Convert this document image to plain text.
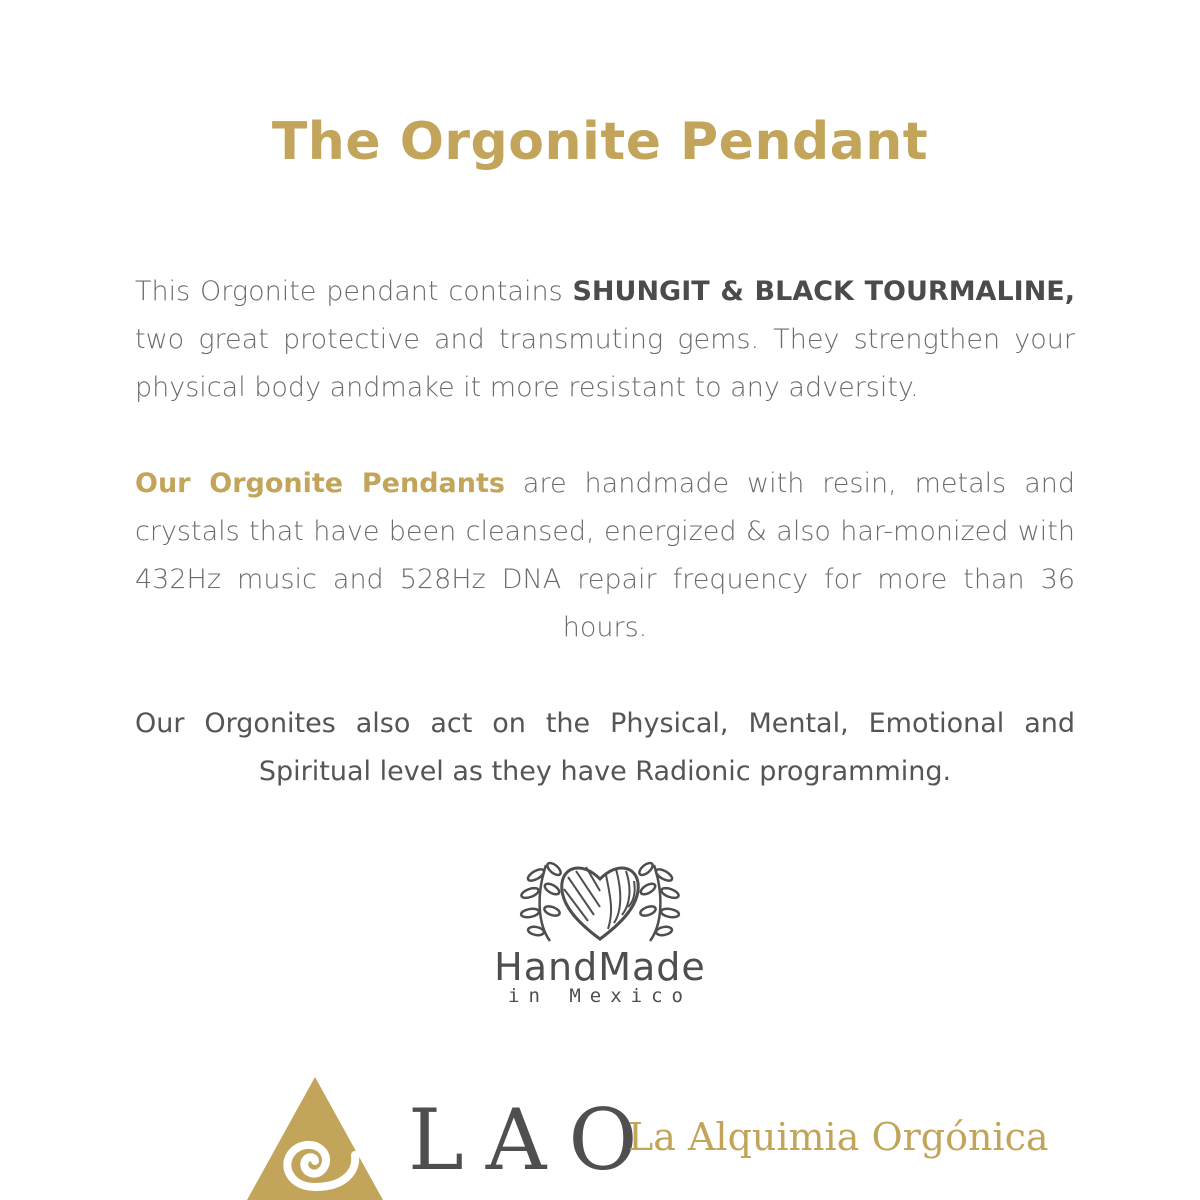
The Orgonite Pendant

This Orgonite pendant contains SHUNGIT & BLACK TOURMALINE, two great protective and transmuting gems. They strengthen your physical body andmake it more resistant to any adversity.

Our Orgonite Pendants are handmade with resin, metals and crystals that have been cleansed, energized & also har-monized with 432Hz music and 528Hz DNA repair frequency for more than 36 hours.

Our Orgonites also act on the Physical, Mental, Emotional and Spiritual level as they have Radionic programming.

HandMade
in Mexico
LAO
La Alquimia Orgónica
